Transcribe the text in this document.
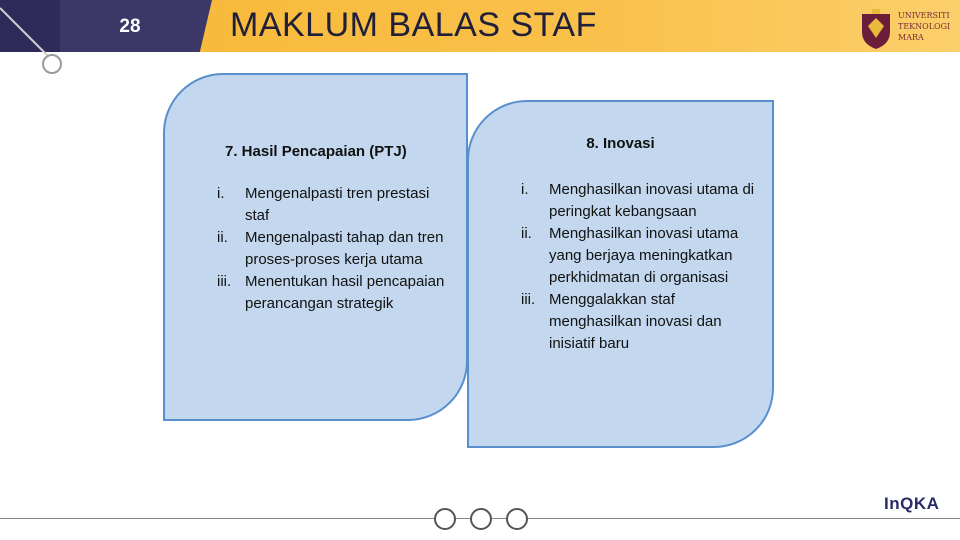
28	MAKLUM BALAS STAF	UNIVERSITI
TEKNOLOGI
MARA
7. Hasil Pencapaian (PTJ)
i. Mengenalpasti tren prestasi staf
ii. Mengenalpasti tahap dan tren proses-proses kerja utama
iii. Menentukan hasil pencapaian perancangan strategik
8. Inovasi
i. Menghasilkan inovasi utama di peringkat kebangsaan
ii. Menghasilkan inovasi utama yang berjaya meningkatkan perkhidmatan di organisasi
iii. Menggalakkan staf menghasilkan inovasi dan inisiatif baru
InQKA
